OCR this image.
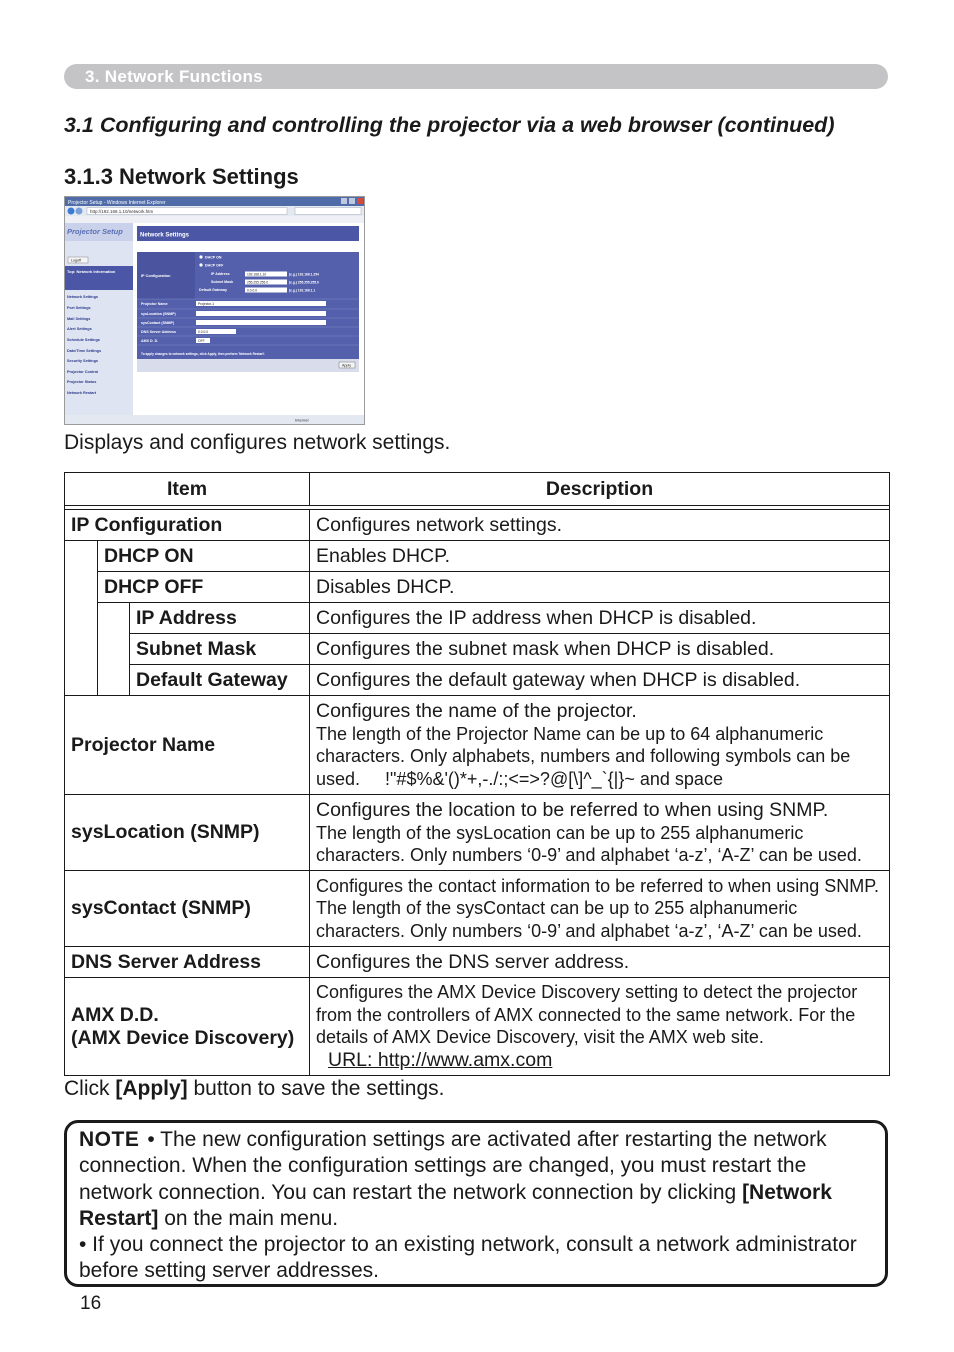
3. Network Functions
3.1 Configuring and controlling the projector via a web browser (continued)
3.1.3 Network Settings
Projector Setup - Windows Internet Explorer
http://192.168.1.10/network.htm
Projector Setup
Logoff
Top: Network Information
Network Settings
Port Settings
Mail Settings
Alert Settings
Schedule Settings
Date/Time Settings
Security Settings
Projector Control
Projector Status
Network Restart
Network Settings
IP Configuration
DHCP ON
DHCP OFF
IP Address	192.168.1.10	(e.g.) 192.168.1.254
Subnet Mask	255.255.255.0	(e.g.) 255.255.255.0
Default Gateway	0.0.0.0	(e.g.) 192.168.1.1
Projector Name	Projector-1
sysLocation (SNMP)
sysContact (SNMP)
DNS Server Address	0.0.0.0
AMX D. D.	OFF
To apply changes to network settings, click Apply, then perform 'Network Restart'.
Apply
Internet
Displays and configures network settings.
Item			Description

IP Configuration			Configures network settings.
	DHCP ON		Enables DHCP.
	DHCP OFF		Disables DHCP.
		IP Address	Configures the IP address when DHCP is disabled.
		Subnet Mask	Configures the subnet mask when DHCP is disabled.
		Default Gateway	Configures the default gateway when DHCP is disabled.
Projector Name			Configures the name of the projector.
The length of the Projector Name can be up to 64 alphanumeric
characters. Only alphabets, numbers and following symbols can be
used.     !"#$%&'()*+,-./:;<=>?@[\]^_`{|}~ and space

sysLocation (SNMP)			Configures the location to be referred to when using SNMP.
The length of the sysLocation can be up to 255 alphanumeric
characters. Only numbers ‘0-9’ and alphabet ‘a-z’, ‘A-Z’ can be used.

sysContact (SNMP)			Configures the contact information to be referred to when using SNMP.
The length of the sysContact can be up to 255 alphanumeric
characters. Only numbers ‘0-9’ and alphabet ‘a-z’, ‘A-Z’ can be used.

DNS Server Address			Configures the DNS server address.

AMX D.D.
(AMX Device Discovery)			Configures the AMX Device Discovery setting to detect the projector
from the controllers of AMX connected to the same network. For the
details of AMX Device Discovery, visit the AMX web site.
URL: http://www.amx.com
Click [Apply] button to save the settings.
NOTE • The new configuration settings are activated after restarting the network connection. When the configuration settings are changed, you must restart the network connection. You can restart the network connection by clicking [Network Restart] on the main menu.
• If you connect the projector to an existing network, consult a network administrator before setting server addresses.
16
